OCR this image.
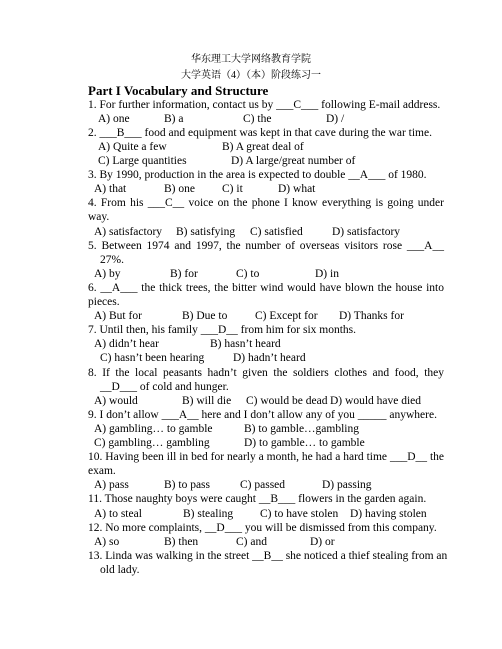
华东理工大学网络教育学院
大学英语（4）（本）阶段练习一
Part I Vocabulary and Structure
1. For further information, contact us by ___C___ following E-mail address.
A) one	B) a	C) the	D) /
2. ___B___ food and equipment was kept in that cave during the war time.
A) Quite a few	B) A great deal of
C) Large quantities	D) A large/great number of
3. By 1990, production in the area is expected to double __A___ of 1980.
A) that	B) one C) it	D) what
4. From his ___C__ voice on the phone I know everything is going under
way.
A) satisfactory B) satisfying C) satisfied	D) satisfactory
5. Between 1974 and 1997, the number of overseas visitors rose ___A__
27%.
A) by	B) for	C) to	D) in
6. __A___ the thick trees, the bitter wind would have blown the house into
pieces.
A) But for	B) Due to C) Except for D) Thanks for
7. Until then, his family ___D__ from him for six months.
A) didn’t hear	B) hasn’t heard
C) hasn’t been hearing	D) hadn’t heard
8. If the local peasants hadn’t given the soldiers clothes and food, they
__D___ of cold and hunger.
A) would	B) will die C) would be dead D) would have died
9. I don’t allow ___A__ here and I don’t allow any of you _____ anywhere.
A) gambling… to gamble	B) to gamble…gambling
C) gambling… gambling	D) to gamble… to gamble
10. Having been ill in bed for nearly a month, he had a hard time ___D__ the
exam.
A) pass	B) to pass	C) passed	D) passing
11. Those naughty boys were caught __B___ flowers in the garden again.
A) to steal	B) stealing C) to have stolen D) having stolen
12. No more complaints, __D___ you will be dismissed from this company.
A) so	B) then	C) and	D) or
13. Linda was walking in the street __B__ she noticed a thief stealing from an
old lady.
